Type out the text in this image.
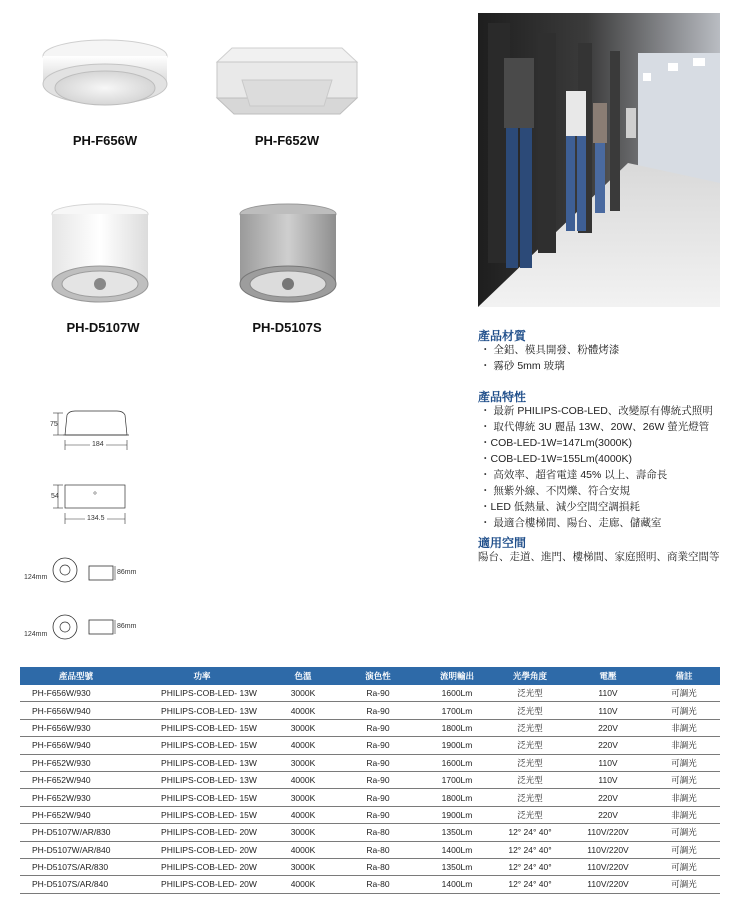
PH-F656W	PH-F652W
PH-D5107W	PH-D5107S
產品材質
・ 全鋁、模具開發、粉體烤漆
・ 霧砂 5mm 玻璃
產品特性
・ 最新 PHILIPS-COB-LED、改變原有傳統式照明
・ 取代傳統 3U 麗晶 13W、20W、26W 螢光燈管
・COB-LED-1W=147Lm(3000K)
・COB-LED-1W=155Lm(4000K)
・ 高效率、超省電達 45% 以上、壽命長
・ 無紫外線、不閃爍、符合安規
・LED 低熱量、減少空間空調損耗
・ 最適合樓梯間、陽台、走廊、儲藏室
適用空間
陽台、走道、進門、樓梯間、家庭照明、商業空間等
75
184
54
134.5
124mm
86mm
124mm
86mm
產品型號	功率	色溫	演色性	流明輸出	光學角度	電壓	備註
PH-F656W/930	PHILIPS-COB-LED- 13W	3000K	Ra-90	1600Lm	泛光型	110V	可調光
PH-F656W/940	PHILIPS-COB-LED- 13W	4000K	Ra-90	1700Lm	泛光型	110V	可調光
PH-F656W/930	PHILIPS-COB-LED- 15W	3000K	Ra-90	1800Lm	泛光型	220V	非調光
PH-F656W/940	PHILIPS-COB-LED- 15W	4000K	Ra-90	1900Lm	泛光型	220V	非調光
PH-F652W/930	PHILIPS-COB-LED- 13W	3000K	Ra-90	1600Lm	泛光型	110V	可調光
PH-F652W/940	PHILIPS-COB-LED- 13W	4000K	Ra-90	1700Lm	泛光型	110V	可調光
PH-F652W/930	PHILIPS-COB-LED- 15W	3000K	Ra-90	1800Lm	泛光型	220V	非調光
PH-F652W/940	PHILIPS-COB-LED- 15W	4000K	Ra-90	1900Lm	泛光型	220V	非調光
PH-D5107W/AR/830	PHILIPS-COB-LED- 20W	3000K	Ra-80	1350Lm	12° 24° 40°	110V/220V	可調光
PH-D5107W/AR/840	PHILIPS-COB-LED- 20W	4000K	Ra-80	1400Lm	12° 24° 40°	110V/220V	可調光
PH-D5107S/AR/830	PHILIPS-COB-LED- 20W	3000K	Ra-80	1350Lm	12° 24° 40°	110V/220V	可調光
PH-D5107S/AR/840	PHILIPS-COB-LED- 20W	4000K	Ra-80	1400Lm	12° 24° 40°	110V/220V	可調光
